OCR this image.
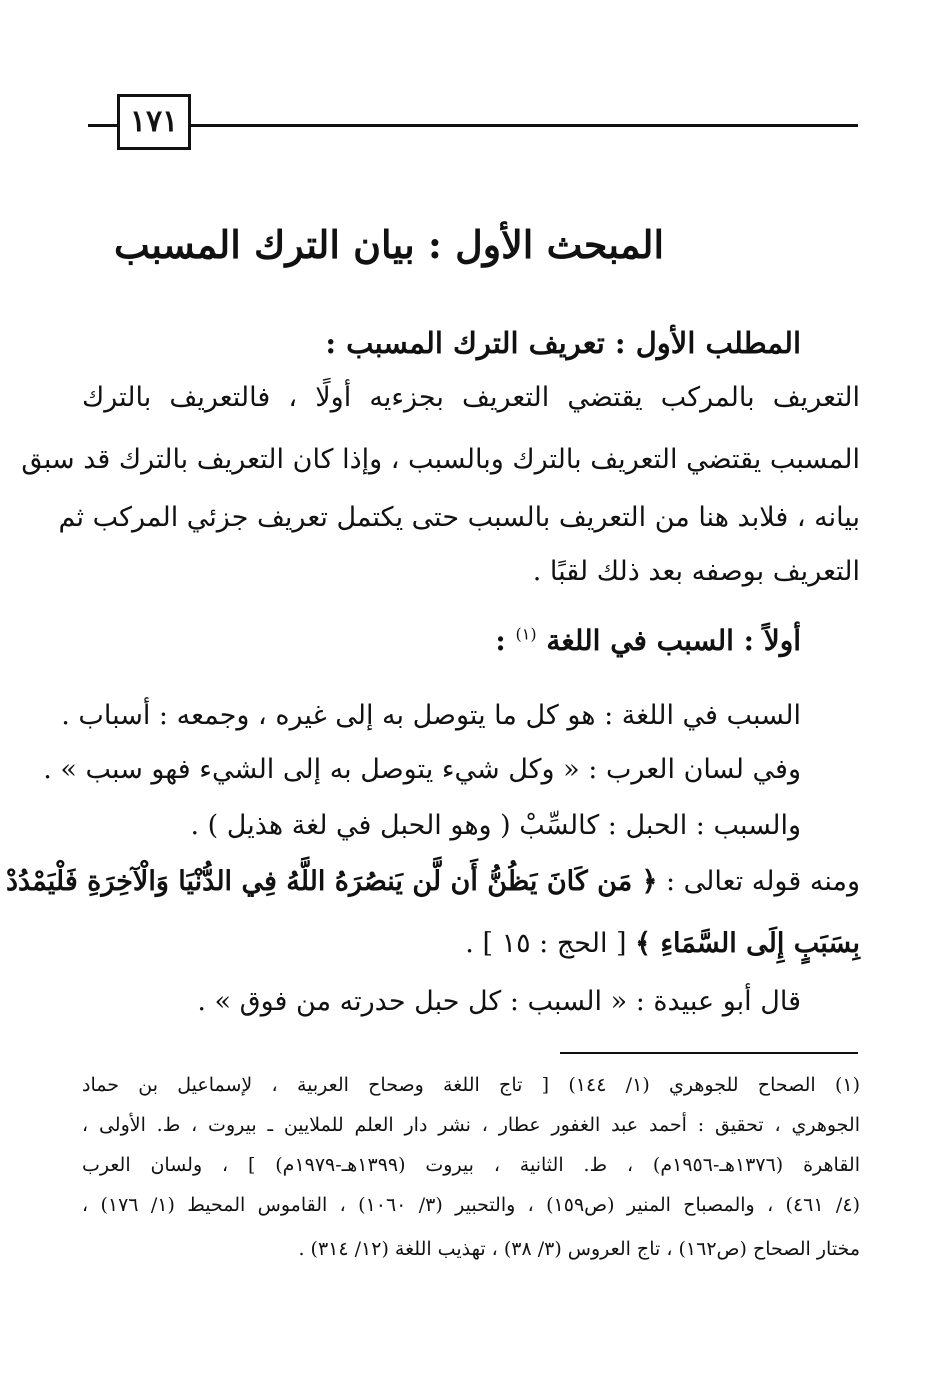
١٧١
المبحث الأول : بيان الترك المسبب
المطلب الأول : تعريف الترك المسبب :
التعريف بالمركب يقتضي التعريف بجزءيه أولًا ، فالتعريف بالترك
المسبب يقتضي التعريف بالترك وبالسبب ، وإذا كان التعريف بالترك قد سبق
بيانه ، فلابد هنا من التعريف بالسبب حتى يكتمل تعريف جزئي المركب ثم
التعريف بوصفه بعد ذلك لقبًا .
أولاً : السبب في اللغة $^{(١)}$ :
السبب في اللغة : هو كل ما يتوصل به إلى غيره ، وجمعه : أسباب .
وفي لسان العرب : « وكل شيء يتوصل به إلى الشيء فهو سبب » .
والسبب : الحبل : كالسِّبْ ( وهو الحبل في لغة هذيل ) .
ومنه قوله تعالى : ﴿ مَن كَانَ يَظُنُّ أَن لَّن يَنصُرَهُ اللَّهُ فِي الدُّنْيَا وَالْآخِرَةِ فَلْيَمْدُدْ
بِسَبَبٍ إِلَى السَّمَاءِ ﴾ [ الحج : ١٥ ] .
قال أبو عبيدة : « السبب : كل حبل حدرته من فوق » .
(١) الصحاح للجوهري (١/ ١٤٤) [ تاج اللغة وصحاح العربية ، لإسماعيل بن حماد
الجوهري ، تحقيق : أحمد عبد الغفور عطار ، نشر دار العلم للملايين ـ بيروت ، ط. الأولى ،
القاهرة (١٣٧٦هـ-١٩٥٦م) ، ط. الثانية ، بيروت (١٣٩٩هـ-١٩٧٩م) ] ، ولسان العرب
(٤/ ٤٦١) ، والمصباح المنير (ص١٥٩) ، والتحبير (٣/ ١٠٦٠) ، القاموس المحيط (١/ ١٧٦) ،
مختار الصحاح (ص١٦٢) ، تاج العروس (٣/ ٣٨) ، تهذيب اللغة (١٢/ ٣١٤) .
